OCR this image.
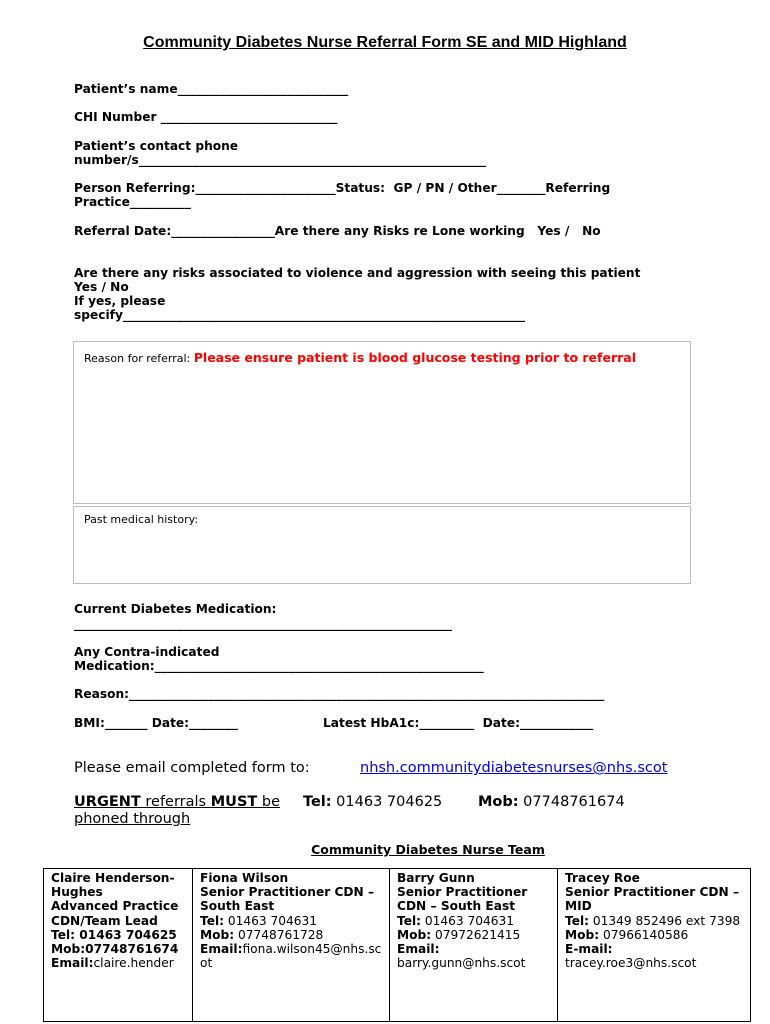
Community Diabetes Nurse Referral Form SE and MID Highland
Patient’s name____________________________
CHI Number _____________________________
Patient’s contact phone
number/s_________________________________________________________
Person Referring:_______________________Status:  GP / PN / Other________Referring
Practice__________
Referral Date:_________________Are there any Risks re Lone working   Yes /   No
Are there any risks associated to violence and aggression with seeing this patient
Yes / No
If yes, please
specify__________________________________________________________________
Reason for referral: Please ensure patient is blood glucose testing prior to referral
Past medical history:
Current Diabetes Medication:
______________________________________________________________
Any Contra-indicated
Medication:______________________________________________________
Reason:______________________________________________________________________________
BMI:_______ Date:________	Latest HbA1c:_________  Date:____________
Please email completed form to:	nhsh.communitydiabetesnurses@nhs.scot
URGENT referrals MUST be
phoned through
Tel: 01463 704625 Mob: 07748761674
Community Diabetes Nurse Team
Claire Henderson-Hughes
Advanced Practice CDN/Team Lead
Tel: 01463 704625
Mob:07748761674
Email:claire.hender

Fiona Wilson
Senior Practitioner CDN – South East
Tel: 01463 704631
Mob: 07748761728
Email:fiona.wilson45@nhs.scot

Barry Gunn
Senior Practitioner CDN – South East
Tel: 01463 704631
Mob: 07972621415
Email:
barry.gunn@nhs.scot

Tracey Roe
Senior Practitioner CDN – MID
Tel: 01349 852496 ext 7398
Mob: 07966140586
E-mail:
tracey.roe3@nhs.scot
